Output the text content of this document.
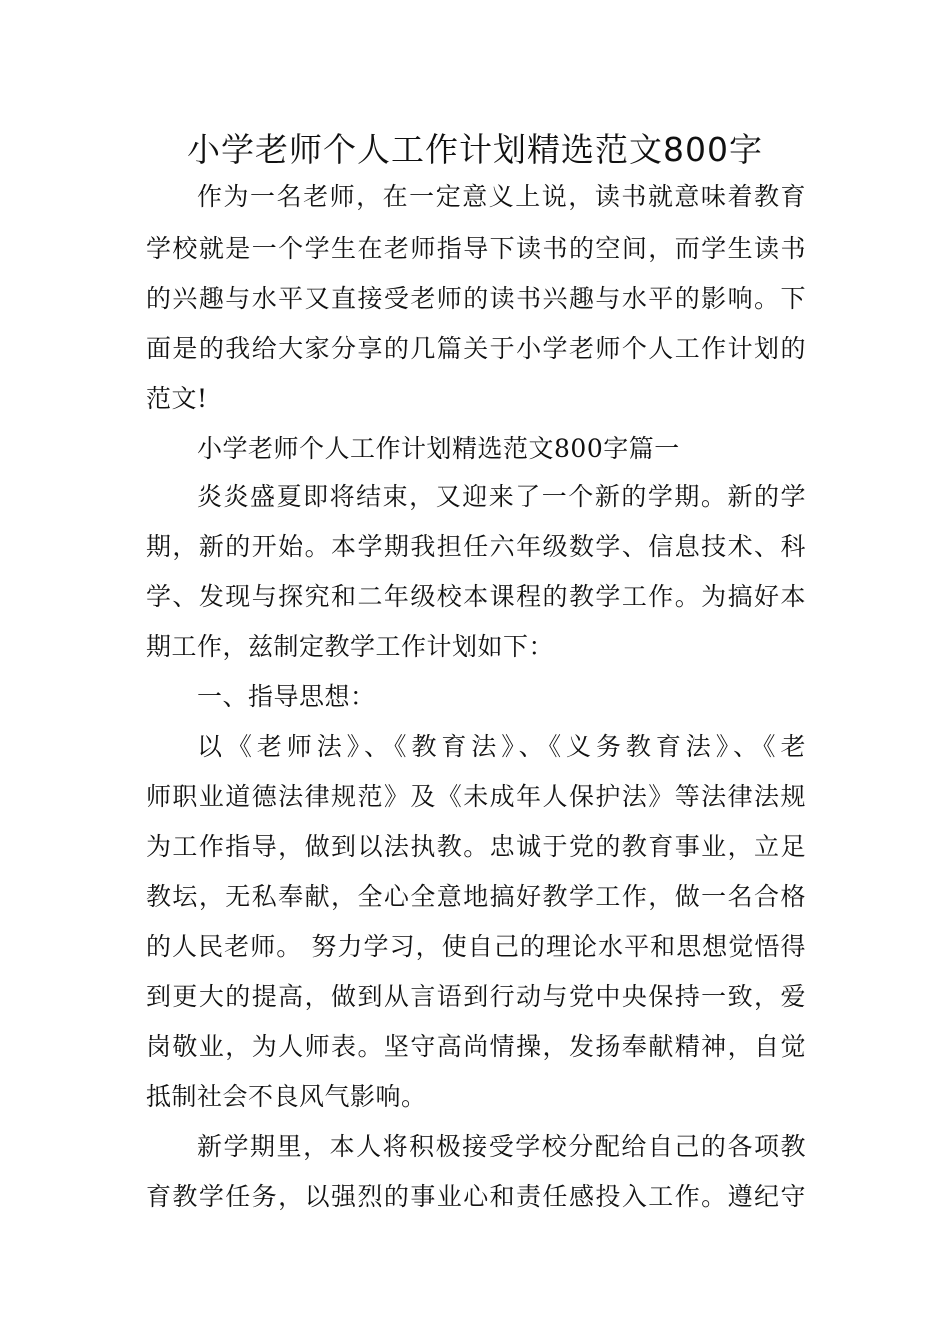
小学老师个人工作计划精选范文800字
作为一名老师，在一定意义上说，读书就意味着教育
学校就是一个学生在老师指导下读书的空间，而学生读书
的兴趣与水平又直接受老师的读书兴趣与水平的影响。下
面是的我给大家分享的几篇关于小学老师个人工作计划的
范文!
小学老师个人工作计划精选范文800字篇一
炎炎盛夏即将结束，又迎来了一个新的学期。新的学
期，新的开始。本学期我担任六年级数学、信息技术、科
学、发现与探究和二年级校本课程的教学工作。为搞好本
期工作，兹制定教学工作计划如下：
一、指导思想：
以《老师法》、《教育法》、《义务教育法》、《老
师职业道德法律规范》及《未成年人保护法》等法律法规
为工作指导，做到以法执教。忠诚于党的教育事业，立足
教坛，无私奉献，全心全意地搞好教学工作，做一名合格
的人民老师。 努力学习，使自己的理论水平和思想觉悟得
到更大的提高，做到从言语到行动与党中央保持一致，爱
岗敬业，为人师表。坚守高尚情操，发扬奉献精神，自觉
抵制社会不良风气影响。
新学期里，本人将积极接受学校分配给自己的各项教
育教学任务，以强烈的事业心和责任感投入工作。遵纪守
